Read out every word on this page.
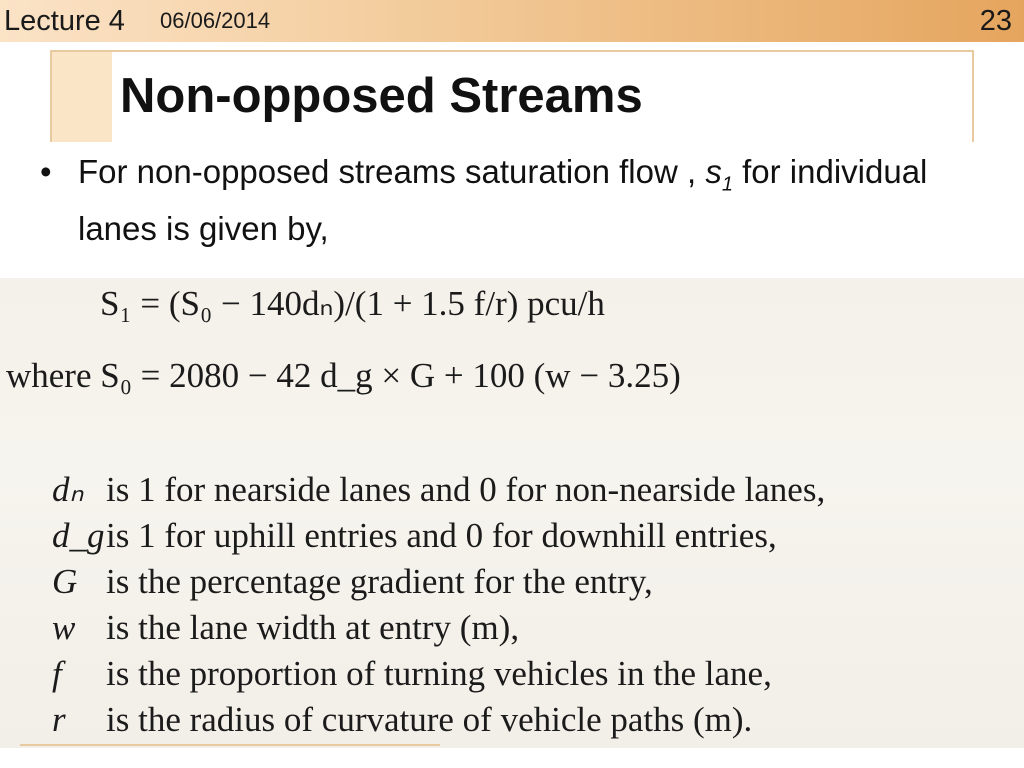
Lecture 4 06/06/2014	23
Non-opposed Streams
• For non-opposed streams saturation flow , $s_1$ for individual lanes is given by,
S₁ = (S₀ − 140dₙ)/(1 + 1.5 f/r) pcu/h
where S₀ = 2080 − 42 d_g × G + 100 (w − 3.25)
dₙ is 1 for nearside lanes and 0 for non-nearside lanes,
d_g is 1 for uphill entries and 0 for downhill entries,
G is the percentage gradient for the entry,
w is the lane width at entry (m),
f	is the proportion of turning vehicles in the lane,
r	is the radius of curvature of vehicle paths (m).
